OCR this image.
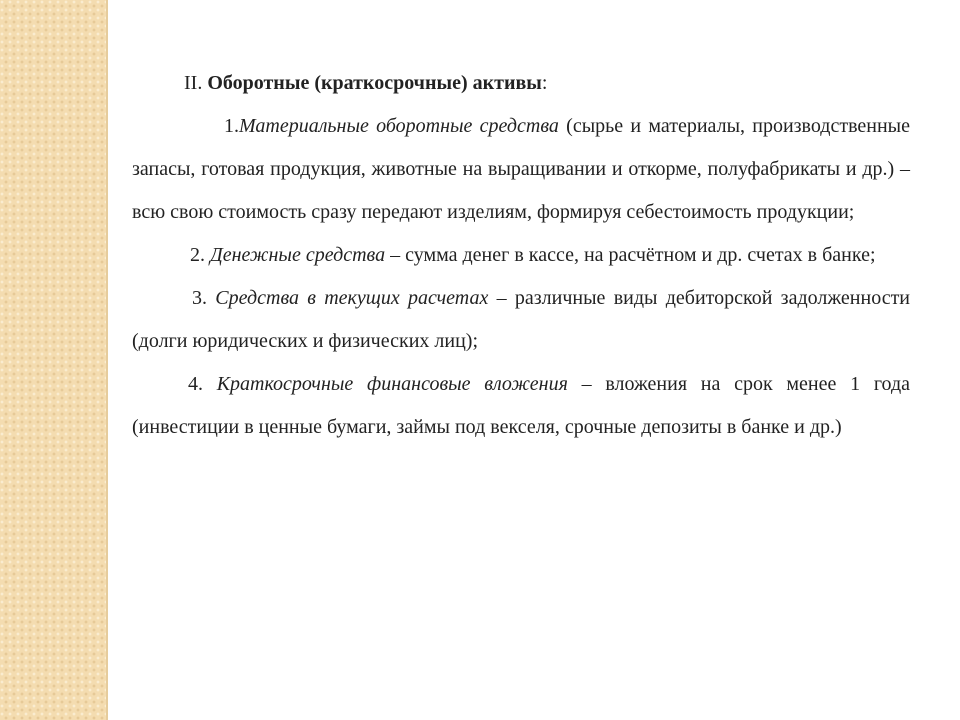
II. Оборотные (краткосрочные) активы:

1.Материальные оборотные средства (сырье и материалы, производственные запасы, готовая продукция, животные на выращивании и откорме, полуфабрикаты и др.) – всю свою стоимость сразу передают изделиям, формируя себестоимость продукции;

2. Денежные средства – сумма денег в кассе, на расчётном и др. счетах в банке;

3. Средства в текущих расчетах – различные виды дебиторской задолженности (долги юридических и физических лиц);

4. Краткосрочные финансовые вложения – вложения на срок менее 1 года (инвестиции в ценные бумаги, займы под векселя, срочные депозиты в банке и др.)
